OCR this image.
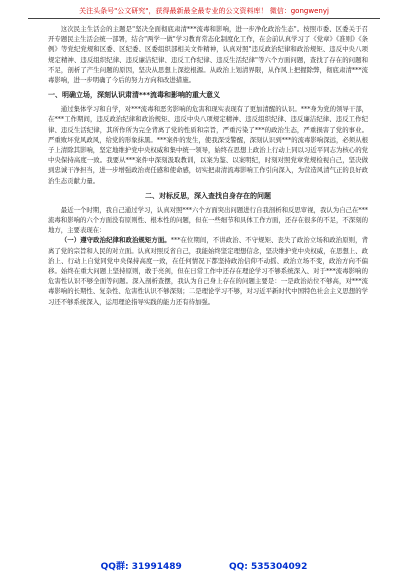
关注头条号"公文研究"，获得最新最全最专业的公文资料库！ 微信：gongwenyj

这次民主生活会的主题是"坚决全面彻底肃清***流毒和影响，进一步净化政治生态"。按照市委、区委关于召开专题民主生活会统一部署，结合"两学一做"学习教育常态化制度化工作，在会前认真学习了《党章》《准则》《条例》等党纪党规和区委、区纪委、区委组织部相关文件精神，认真对照"违反政治纪律和政治规矩、违反中央八项规定精神、违反组织纪律、违反廉洁纪律、违反工作纪律、违反生活纪律"等六个方面问题，查找了存在的问题和不足，剖析了产生问题的原因，坚决从思想上深挖根源。从政治上划清界限，从作风上把握除弊，彻底肃清***流毒影响，进一步明确了今后的努力方向和改进措施。

一、明确立场，深刻认识肃清***流毒和影响的重大意义

通过集体学习和自学，对***流毒和恶劣影响的危害和现实表现有了更加清醒的认识。***身为党的领导干部，在***工作期间，违反政治纪律和政治规矩、违反中央八项规定精神、违反组织纪律、违反廉洁纪律、违反工作纪律、违反生活纪律，其所作所为完全背离了党的性质和宗旨，严重污染了***的政治生态，严重损害了党的事业。严重败坏党风政风，给党的形象抹黑。***案件的发生，使我深受警醒，深刻认识到***的流毒影响深远，必须从根子上清除其影响，坚定地维护党中央权威和集中统一领导，始终在思想上政治上行动上同以习近平同志为核心的党中央保持高度一致。我要从***案件中深刻汲取教训，以案为鉴、以案明纪，时刻对照党章党规检视自己，坚决做到忠诚干净担当，进一步增强政治责任感和使命感，切实把肃清流毒影响工作引向深入，为营造风清气正的良好政治生态贡献力量。

二、对标反思，深入查找自身存在的问题

最近一个时期，我自己通过学习，认真对照***六个方面突出问题进行自我剖析和反思审视，我认为自己在***流毒和影响的六个方面没有原则性、根本性的问题，但在一些细节和具体工作方面，还存在很多的不足，不深刻的地方，主要表现在：

（一）遵守政治纪律和政治规矩方面。***在位期间，不讲政治、不守规矩、丧失了政治立场和政治原则，背离了党的宗旨和人民的对立面。认真对照反省自己，我能始终坚定理想信念，坚决维护党中央权威，在思想上、政治上、行动上自觉同党中央保持高度一致，在任何情况下都坚持政治信仰不动摇、政治立场不变，政治方向不偏移。始终在重大问题上坚持原则，敢于亮剑，但在日常工作中还存在理论学习不够系统深入、对于***流毒影响的危害性认识不够全面等问题。深入剖析查摆，我认为自己身上存在的问题主要是：一是政治站位不够高，对***流毒影响的长期性、复杂性、危害性认识不够深刻；二是理论学习不够，对习近平新时代中国特色社会主义思想的学习还不够系统深入，运用理论指导实践的能力还有待加强。

QQ群: 31991489	QQ: 535304092
